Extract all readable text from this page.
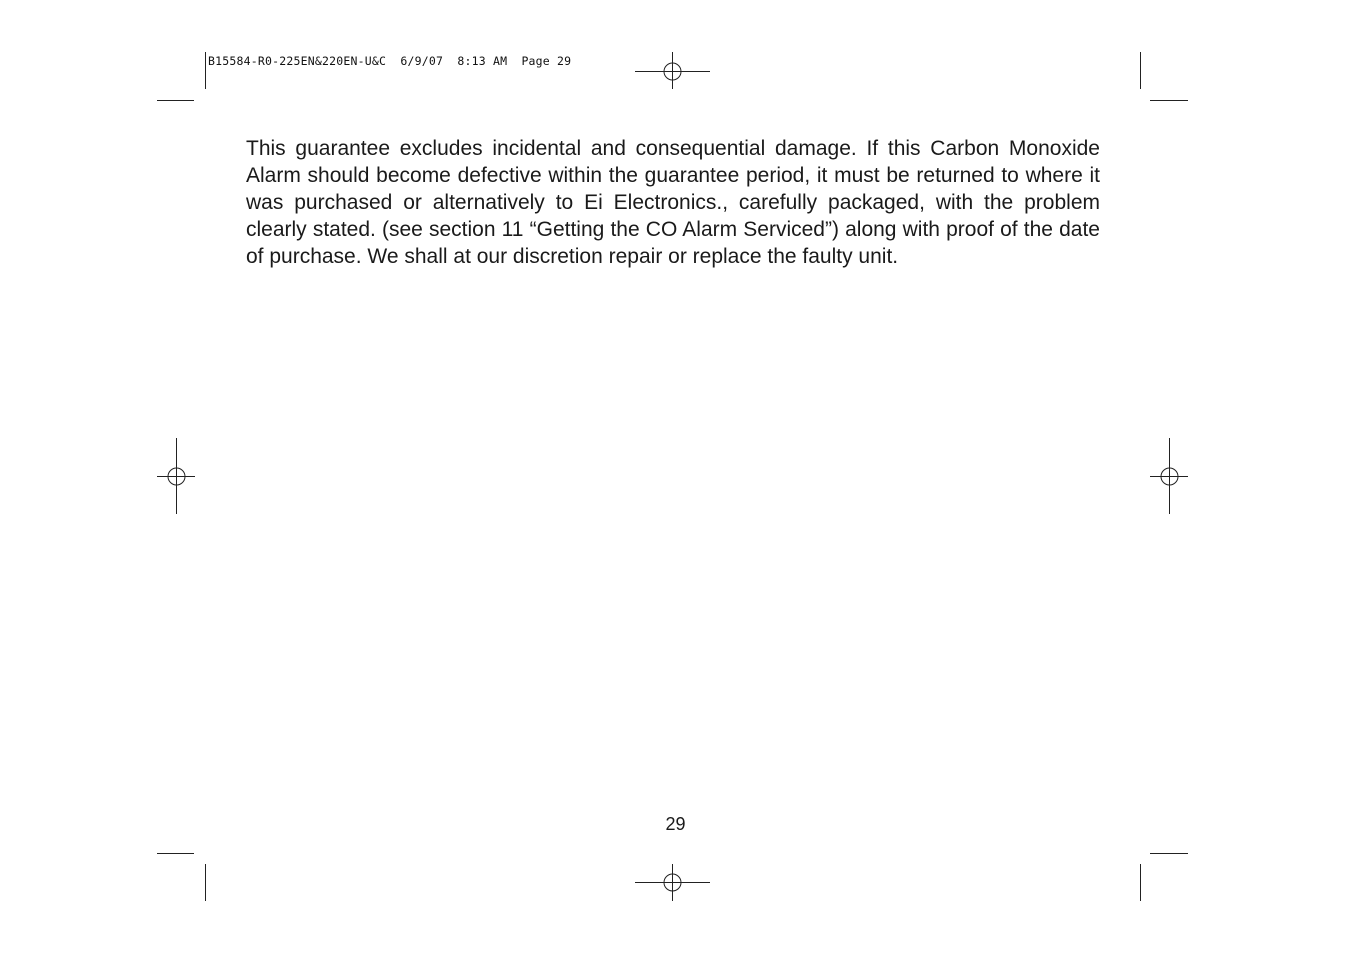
B15584-R0-225EN&220EN-U&C  6/9/07  8:13 AM  Page 29

This guarantee excludes incidental and consequential damage. If this Carbon Monoxide Alarm should become defective within the guarantee period, it must be returned to where it was purchased or alternatively to Ei Electronics., carefully packaged, with the problem clearly stated. (see section 11 “Getting the CO Alarm Serviced”) along with proof of the date of purchase. We shall at our discretion repair or replace the faulty unit.

29
